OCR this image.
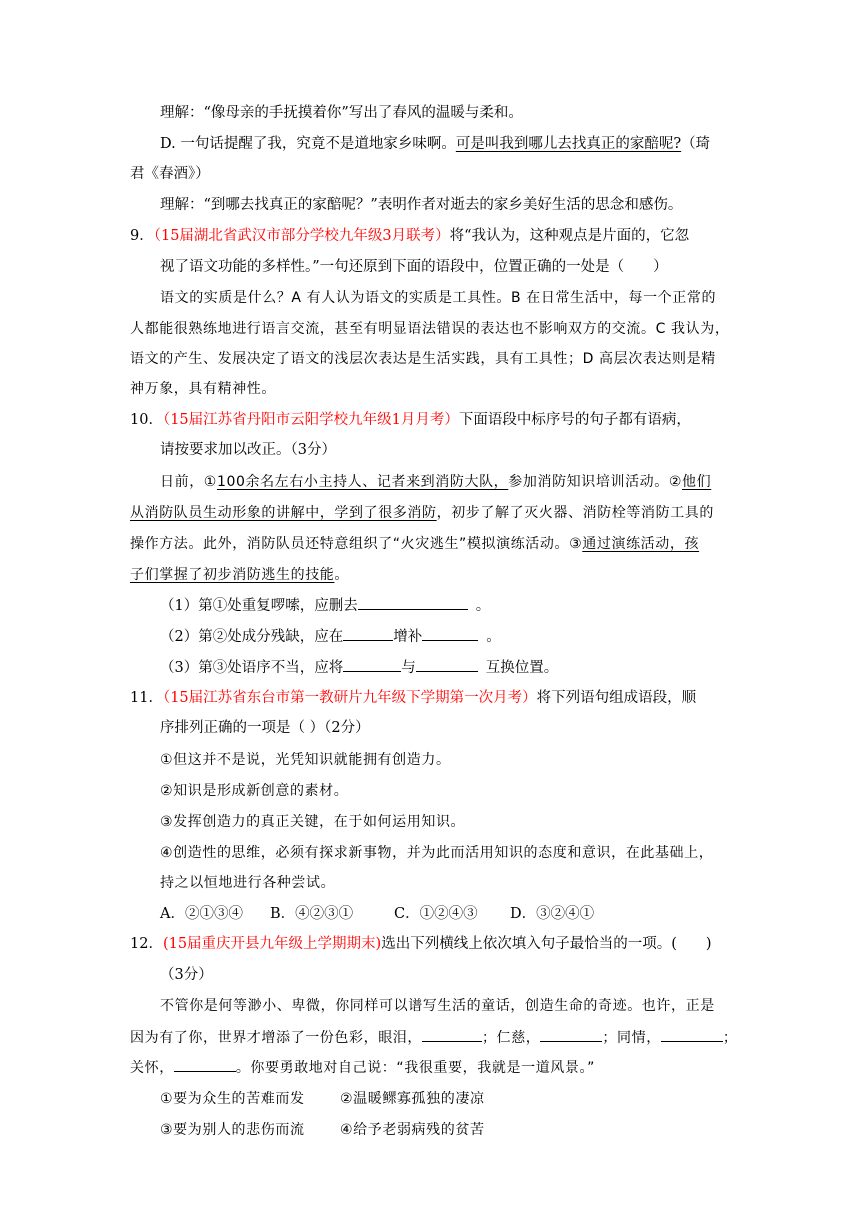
理解：“像母亲的手抚摸着你”写出了春风的温暖与柔和。
D. 一句话提醒了我，究竟不是道地家乡味啊。可是叫我到哪儿去找真正的家醅呢?（琦
君《春酒》）
理解：“到哪去找真正的家醅呢？”表明作者对逝去的家乡美好生活的思念和感伤。
9．（15届湖北省武汉市部分学校九年级3月联考）将“我认为，这种观点是片面的，它忽
视了语文功能的多样性。”一句还原到下面的语段中，位置正确的一处是（　　）
语文的实质是什么？A 有人认为语文的实质是工具性。B 在日常生活中，每一个正常的
人都能很熟练地进行语言交流，甚至有明显语法错误的表达也不影响双方的交流。C 我认为，
语文的产生、发展决定了语文的浅层次表达是生活实践，具有工具性；D 高层次表达则是精
神万象，具有精神性。
10．（15届江苏省丹阳市云阳学校九年级1月月考）下面语段中标序号的句子都有语病，
请按要求加以改正。（3分）
日前，①100余名左右小主持人、记者来到消防大队，参加消防知识培训活动。②他们
从消防队员生动形象的讲解中，学到了很多消防，初步了解了灭火器、消防栓等消防工具的
操作方法。此外，消防队员还特意组织了“火灾逃生”模拟演练活动。③通过演练活动，孩
子们掌握了初步消防逃生的技能。
（1）第①处重复啰嗦，应删去	。
（2）第②处成分残缺，应在	增补	。
（3）第③处语序不当，应将	与	互换位置。
11．（15届江苏省东台市第一教研片九年级下学期第一次月考）将下列语句组成语段，顺
序排列正确的一项是（ ）（2分）
①但这并不是说，光凭知识就能拥有创造力。
②知识是形成新创意的素材。
③发挥创造力的真正关键，在于如何运用知识。
④创造性的思维，必须有探求新事物，并为此而活用知识的态度和意识，在此基础上，
持之以恒地进行各种尝试。
A．②①③④ B．④②③①	C．①②④③ D．③②④①
12．(15届重庆开县九年级上学期期末)选出下列横线上依次填入句子最恰当的一项。(　　)
（3分）
不管你是何等渺小、卑微，你同样可以谱写生活的童话，创造生命的奇迹。也许，正是
因为有了你，世界才增添了一份色彩，眼泪，	；仁慈，	；同情，	；
关怀，	。你要勇敢地对自己说：“我很重要，我就是一道风景。”
①要为众生的苦难而发	②温暖鳏寡孤独的凄凉
③要为别人的悲伤而流	④给予老弱病残的贫苦
